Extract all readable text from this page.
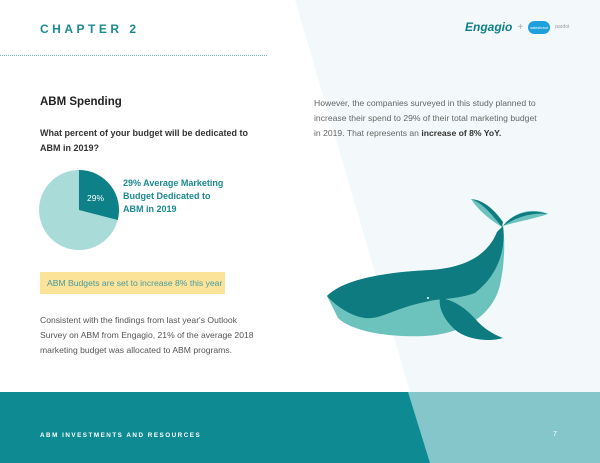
CHAPTER 2	Engagio +	salesforce	pardot
ABM Spending
What percent of your budget will be dedicated to ABM in 2019?
However, the companies surveyed in this study planned to increase their spend to 29% of their total marketing budget in 2019. That represents an increase of 8% YoY.
29%
29% Average Marketing Budget Dedicated to ABM in 2019
ABM Budgets are set to increase 8% this year
Consistent with the findings from last year's Outlook Survey on ABM from Engagio, 21% of the average 2018 marketing budget was allocated to ABM programs.
ABM INVESTMENTS AND RESOURCES	7
